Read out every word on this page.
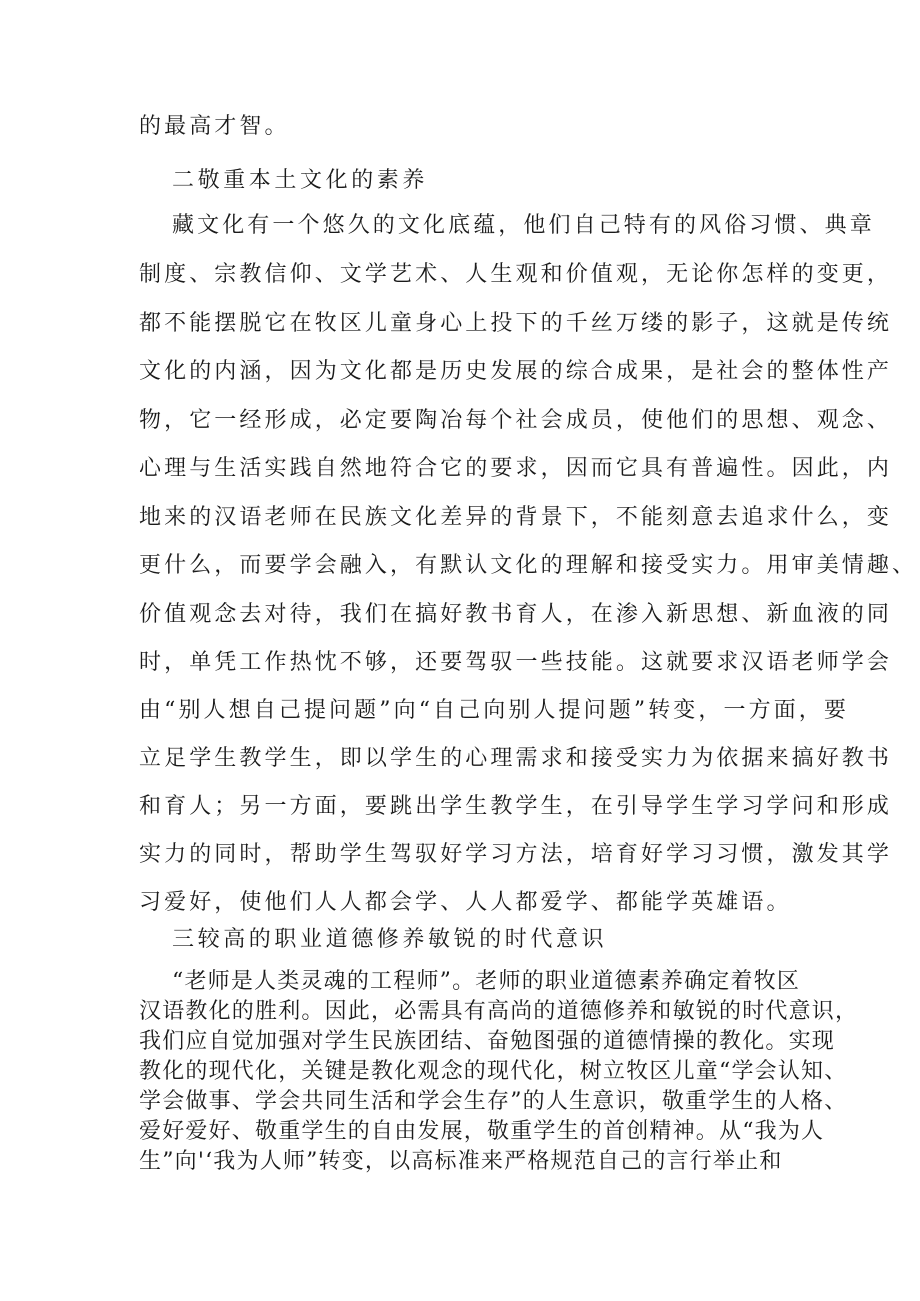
的最高才智。
二敬重本土文化的素养
藏文化有一个悠久的文化底蕴，他们自己特有的风俗习惯、典章
制度、宗教信仰、文学艺术、人生观和价值观，无论你怎样的变更，
都不能摆脱它在牧区儿童身心上投下的千丝万缕的影子，这就是传统
文化的内涵，因为文化都是历史发展的综合成果，是社会的整体性产
物，它一经形成，必定要陶冶每个社会成员，使他们的思想、观念、
心理与生活实践自然地符合它的要求，因而它具有普遍性。因此，内
地来的汉语老师在民族文化差异的背景下，不能刻意去追求什么，变
更什么，而要学会融入，有默认文化的理解和接受实力。用审美情趣、
价值观念去对待，我们在搞好教书育人，在渗入新思想、新血液的同
时，单凭工作热忱不够，还要驾驭一些技能。这就要求汉语老师学会
由“别人想自己提问题”向“自己向别人提问题”转变，一方面，要
立足学生教学生，即以学生的心理需求和接受实力为依据来搞好教书
和育人；另一方面，要跳出学生教学生，在引导学生学习学问和形成
实力的同时，帮助学生驾驭好学习方法，培育好学习习惯，激发其学
习爱好，使他们人人都会学、人人都爱学、都能学英雄语。
三较高的职业道德修养敏锐的时代意识
“老师是人类灵魂的工程师”。老师的职业道德素养确定着牧区
汉语教化的胜利。因此，必需具有高尚的道德修养和敏锐的时代意识，
我们应自觉加强对学生民族团结、奋勉图强的道德情操的教化。实现
教化的现代化，关键是教化观念的现代化，树立牧区儿童“学会认知、
学会做事、学会共同生活和学会生存”的人生意识，敬重学生的人格、
爱好爱好、敬重学生的自由发展，敬重学生的首创精神。从“我为人
生”向'‘我为人师”转变，以高标准来严格规范自己的言行举止和
